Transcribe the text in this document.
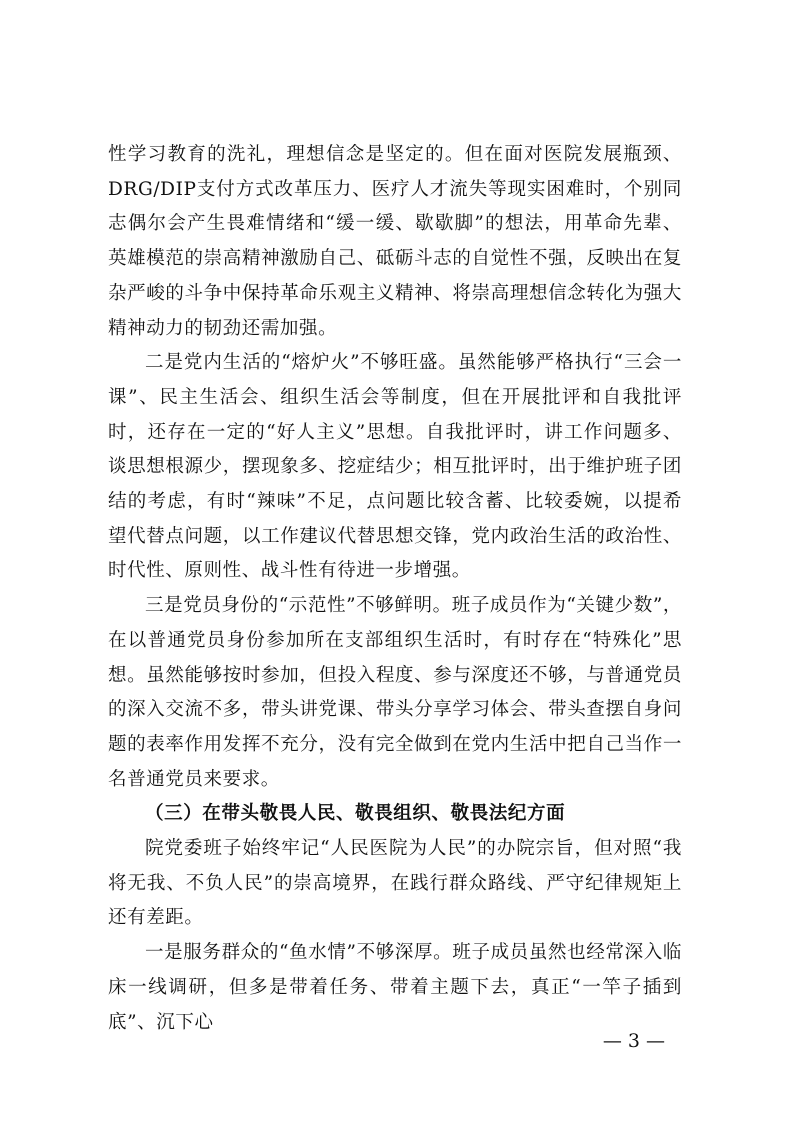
性学习教育的洗礼，理想信念是坚定的。但在面对医院发展瓶颈、DRG/DIP支付方式改革压力、医疗人才流失等现实困难时，个别同志偶尔会产生畏难情绪和“缓一缓、歇歇脚”的想法，用革命先辈、英雄模范的崇高精神激励自己、砥砺斗志的自觉性不强，反映出在复杂严峻的斗争中保持革命乐观主义精神、将崇高理想信念转化为强大精神动力的韧劲还需加强。

二是党内生活的“熔炉火”不够旺盛。虽然能够严格执行“三会一课”、民主生活会、组织生活会等制度，但在开展批评和自我批评时，还存在一定的“好人主义”思想。自我批评时，讲工作问题多、谈思想根源少，摆现象多、挖症结少；相互批评时，出于维护班子团结的考虑，有时“辣味”不足，点问题比较含蓄、比较委婉，以提希望代替点问题，以工作建议代替思想交锋，党内政治生活的政治性、时代性、原则性、战斗性有待进一步增强。

三是党员身份的“示范性”不够鲜明。班子成员作为“关键少数”，在以普通党员身份参加所在支部组织生活时，有时存在“特殊化”思想。虽然能够按时参加，但投入程度、参与深度还不够，与普通党员的深入交流不多，带头讲党课、带头分享学习体会、带头查摆自身问题的表率作用发挥不充分，没有完全做到在党内生活中把自己当作一名普通党员来要求。

（三）在带头敬畏人民、敬畏组织、敬畏法纪方面

院党委班子始终牢记“人民医院为人民”的办院宗旨，但对照“我将无我、不负人民”的崇高境界，在践行群众路线、严守纪律规矩上还有差距。

一是服务群众的“鱼水情”不够深厚。班子成员虽然也经常深入临床一线调研，但多是带着任务、带着主题下去，真正“一竿子插到底”、沉下心

— 3 —
